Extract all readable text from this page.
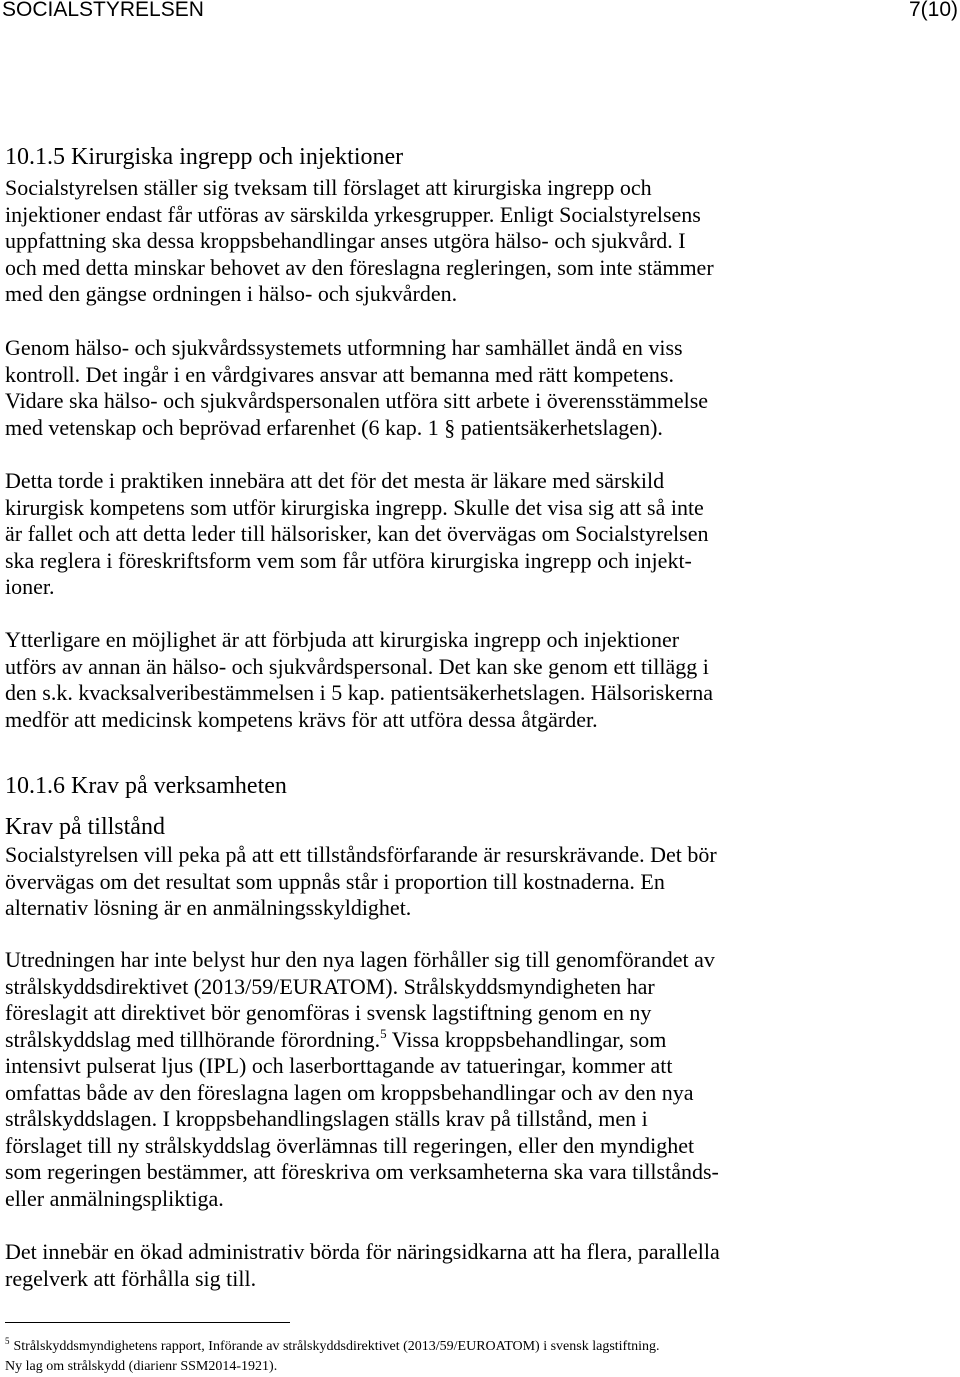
SOCIALSTYRELSEN	7(10)
10.1.5 Kirurgiska ingrepp och injektioner
Socialstyrelsen ställer sig tveksam till förslaget att kirurgiska ingrepp och
injektioner endast får utföras av särskilda yrkesgrupper. Enligt Socialstyrelsens
uppfattning ska dessa kroppsbehandlingar anses utgöra hälso- och sjukvård. I
och med detta minskar behovet av den föreslagna regleringen, som inte stämmer
med den gängse ordningen i hälso- och sjukvården.
Genom hälso- och sjukvårdssystemets utformning har samhället ändå en viss
kontroll. Det ingår i en vårdgivares ansvar att bemanna med rätt kompetens.
Vidare ska hälso- och sjukvårdspersonalen utföra sitt arbete i överensstämmelse
med vetenskap och beprövad erfarenhet (6 kap. 1 § patientsäkerhetslagen).
Detta torde i praktiken innebära att det för det mesta är läkare med särskild
kirurgisk kompetens som utför kirurgiska ingrepp. Skulle det visa sig att så inte
är fallet och att detta leder till hälsorisker, kan det övervägas om Socialstyrelsen
ska reglera i föreskriftsform vem som får utföra kirurgiska ingrepp och injekt-
ioner.
Ytterligare en möjlighet är att förbjuda att kirurgiska ingrepp och injektioner
utförs av annan än hälso- och sjukvårdspersonal. Det kan ske genom ett tillägg i
den s.k. kvacksalveribestämmelsen i 5 kap. patientsäkerhetslagen. Hälsoriskerna
medför att medicinsk kompetens krävs för att utföra dessa åtgärder.
10.1.6 Krav på verksamheten
Krav på tillstånd
Socialstyrelsen vill peka på att ett tillståndsförfarande är resurskrävande. Det bör
övervägas om det resultat som uppnås står i proportion till kostnaderna. En
alternativ lösning är en anmälningsskyldighet.
Utredningen har inte belyst hur den nya lagen förhåller sig till genomförandet av
strålskyddsdirektivet (2013/59/EURATOM). Strålskyddsmyndigheten har
föreslagit att direktivet bör genomföras i svensk lagstiftning genom en ny
strålskyddslag med tillhörande förordning.$^5$ Vissa kroppsbehandlingar, som
intensivt pulserat ljus (IPL) och laserborttagande av tatueringar, kommer att
omfattas både av den föreslagna lagen om kroppsbehandlingar och av den nya
strålskyddslagen. I kroppsbehandlingslagen ställs krav på tillstånd, men i
förslaget till ny strålskyddslag överlämnas till regeringen, eller den myndighet
som regeringen bestämmer, att föreskriva om verksamheterna ska vara tillstånds-
eller anmälningspliktiga.
Det innebär en ökad administrativ börda för näringsidkarna att ha flera, parallella
regelverk att förhålla sig till.
$^5$ Strålskyddsmyndighetens rapport, Införande av strålskyddsdirektivet (2013/59/EUROATOM) i svensk lagstiftning.
Ny lag om strålskydd (diarienr SSM2014-1921).
